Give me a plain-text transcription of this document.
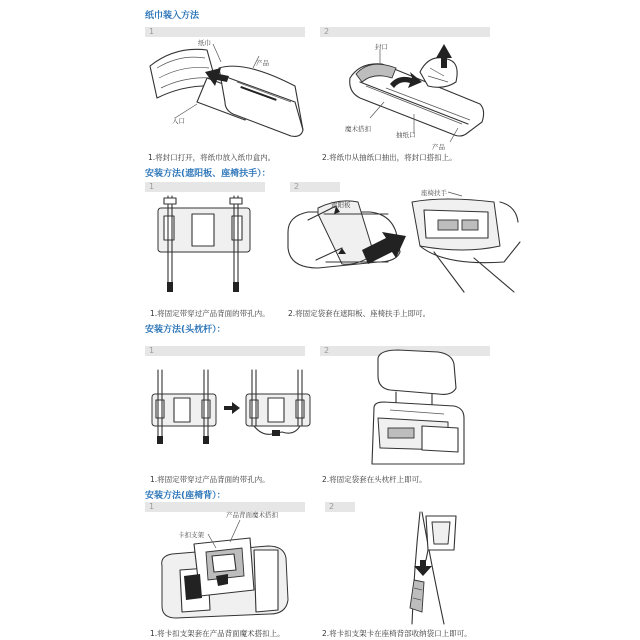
纸巾装入方法
1	2
纸巾
产品
入口
封口
魔术搭扣
抽纸口
产品
1.将封口打开，将纸巾放入纸巾盒内。	2.将纸巾从抽纸口抽出，将封口搭扣上。
安装方法(遮阳板、座椅扶手）：
1	2
遮阳板
座椅扶手
1.将固定带穿过产品背面的带孔内。 2.将固定袋套在遮阳板、座椅扶手上即可。
安装方法(头枕杆）：
1	2
1.将固定带穿过产品背面的带孔内。	2.将固定袋套在头枕杆上即可。
安装方法(座椅背）：
1	2
卡扣支架
产品背面魔术搭扣
1.将卡扣支架套在产品背面魔术搭扣上。	2.将卡扣支架卡在座椅背部收纳袋口上即可。
